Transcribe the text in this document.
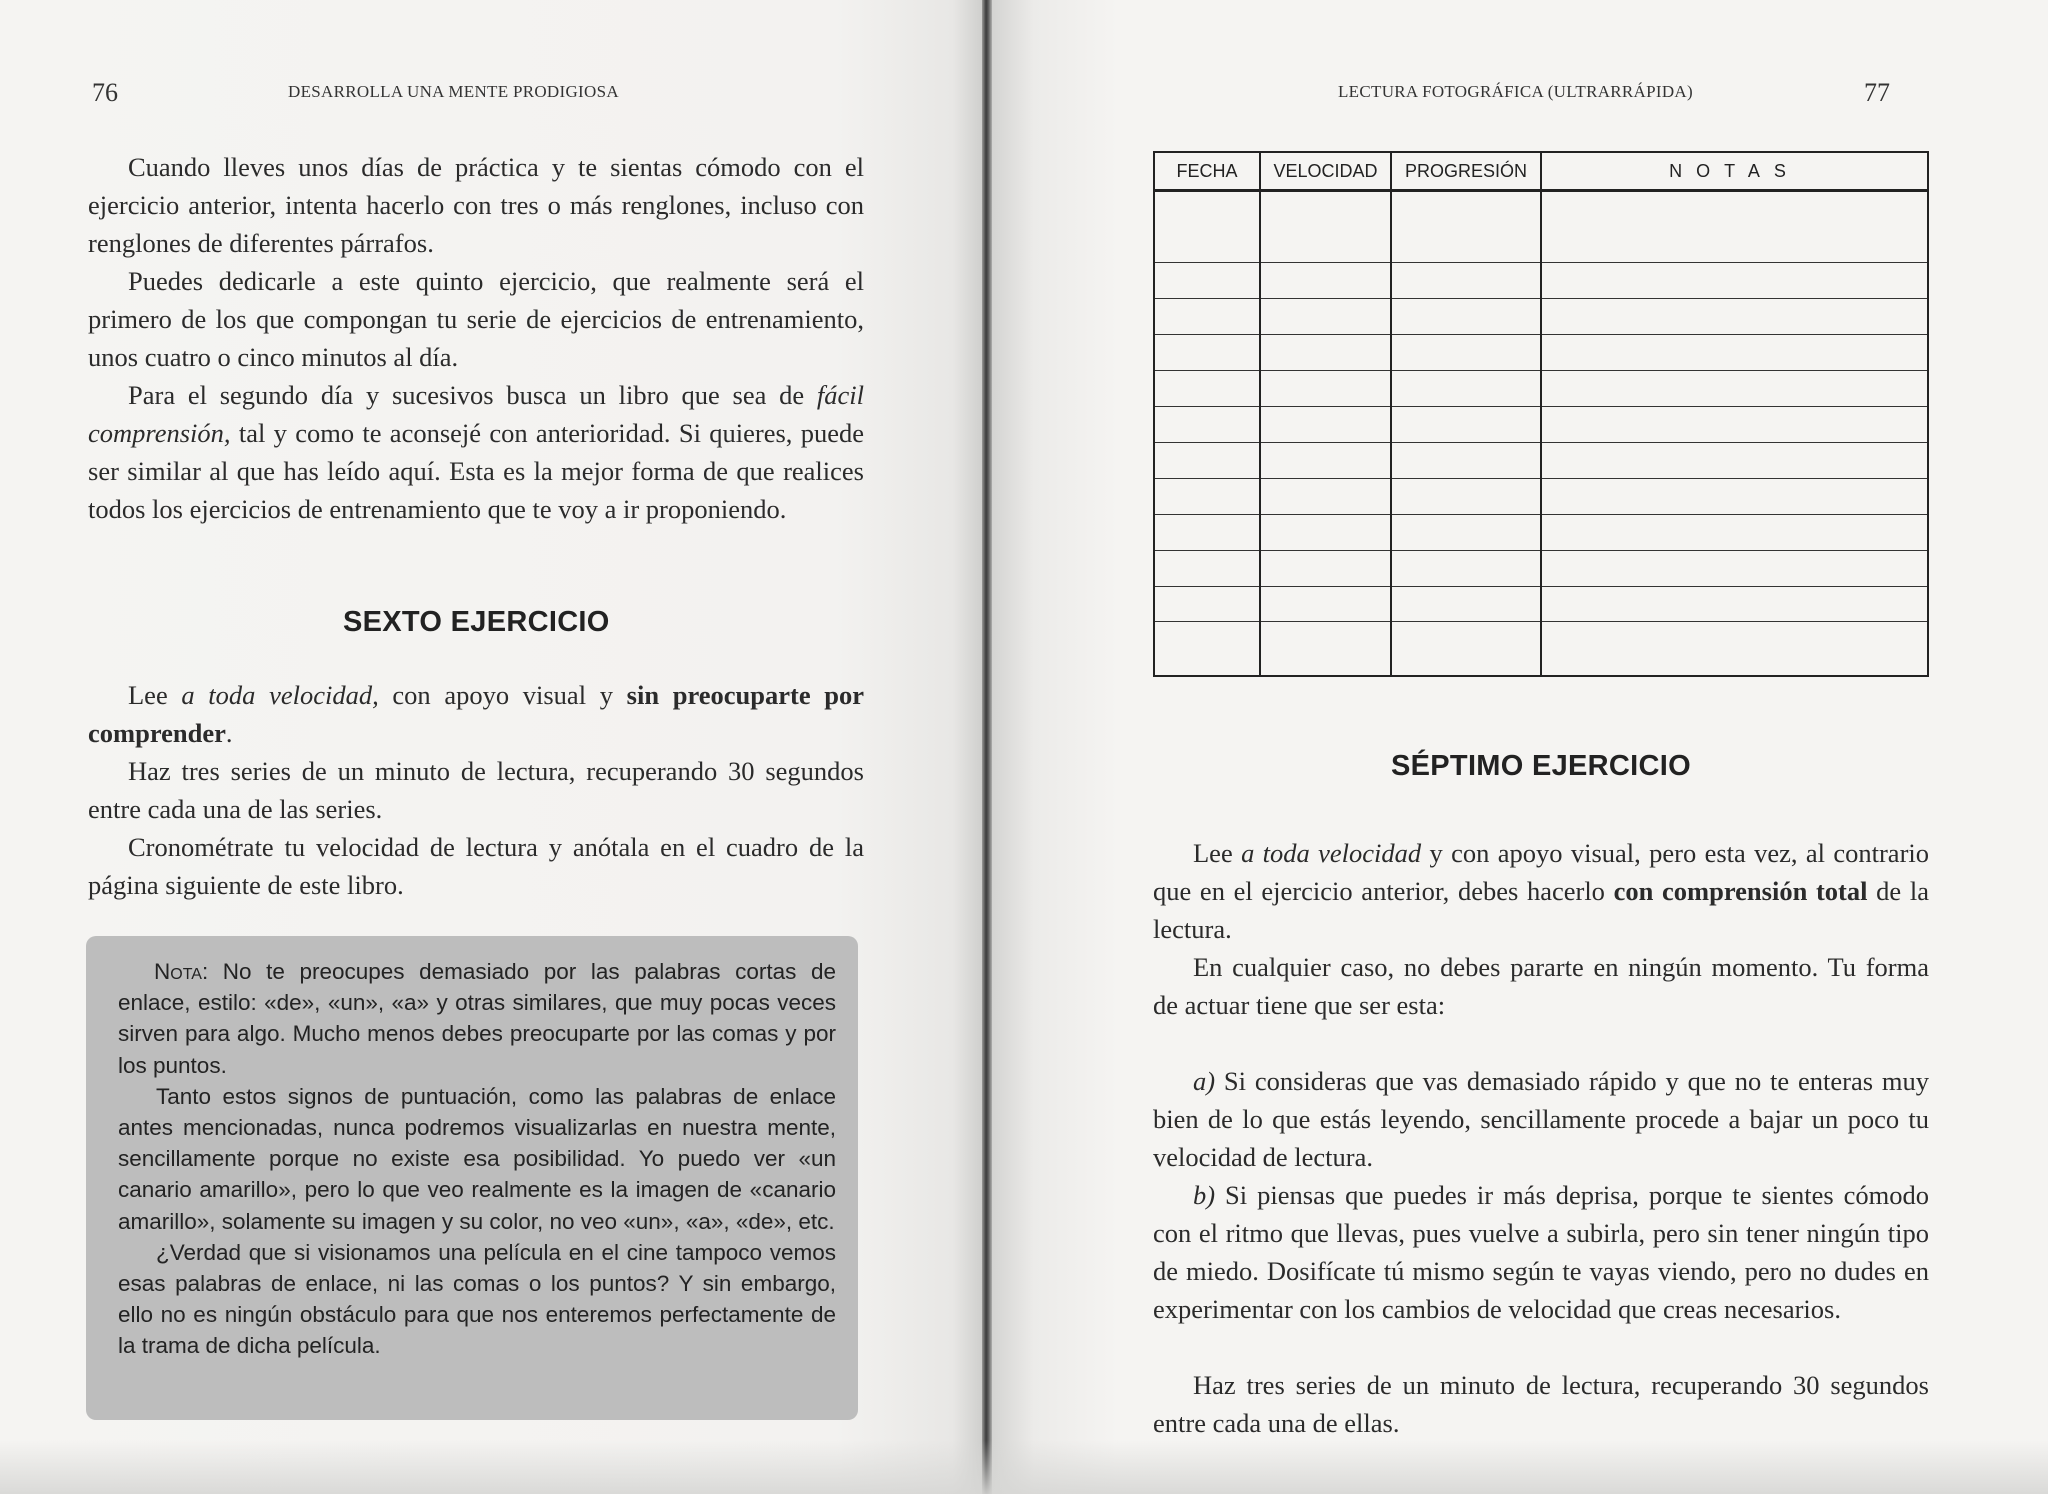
76	DESARROLLA UNA MENTE PRODIGIOSA

Cuando lleves unos días de práctica y te sientas cómodo con el ejercicio anterior, intenta hacerlo con tres o más renglones, incluso con renglones de diferentes párrafos.

Puedes dedicarle a este quinto ejercicio, que realmente será el primero de los que compongan tu serie de ejercicios de entrenamiento, unos cuatro o cinco minutos al día.

Para el segundo día y sucesivos busca un libro que sea de fácil comprensión, tal y como te aconsejé con anterioridad. Si quieres, puede ser similar al que has leído aquí. Esta es la mejor forma de que realices todos los ejercicios de entrenamiento que te voy a ir proponiendo.

SEXTO EJERCICIO

Lee a toda velocidad, con apoyo visual y sin preocuparte por comprender.

Haz tres series de un minuto de lectura, recuperando 30 segundos entre cada una de las series.

Cronométrate tu velocidad de lectura y anótala en el cuadro de la página siguiente de este libro.

Nota: No te preocupes demasiado por las palabras cortas de enlace, estilo: «de», «un», «a» y otras similares, que muy pocas veces sirven para algo. Mucho menos debes preocuparte por las comas y por los puntos.

Tanto estos signos de puntuación, como las palabras de enlace antes mencionadas, nunca podremos visualizarlas en nuestra mente, sencillamente porque no existe esa posibilidad. Yo puedo ver «un canario amarillo», pero lo que veo realmente es la imagen de «canario amarillo», solamente su imagen y su color, no veo «un», «a», «de», etc.

¿Verdad que si visionamos una película en el cine tampoco vemos esas palabras de enlace, ni las comas o los puntos? Y sin embargo, ello no es ningún obstáculo para que nos enteremos perfectamente de la trama de dicha película.

LECTURA FOTOGRÁFICA (ULTRARRÁPIDA)	77
FECHA	VELOCIDAD	PROGRESIÓN	NOTAS

SÉPTIMO EJERCICIO

Lee a toda velocidad y con apoyo visual, pero esta vez, al contrario que en el ejercicio anterior, debes hacerlo con comprensión total de la lectura.

En cualquier caso, no debes pararte en ningún momento. Tu forma de actuar tiene que ser esta:

a) Si consideras que vas demasiado rápido y que no te enteras muy bien de lo que estás leyendo, sencillamente procede a bajar un poco tu velocidad de lectura.

b) Si piensas que puedes ir más deprisa, porque te sientes cómodo con el ritmo que llevas, pues vuelve a subirla, pero sin tener ningún tipo de miedo. Dosifícate tú mismo según te vayas viendo, pero no dudes en experimentar con los cambios de velocidad que creas necesarios.

Haz tres series de un minuto de lectura, recuperando 30 segundos entre cada una de ellas.
